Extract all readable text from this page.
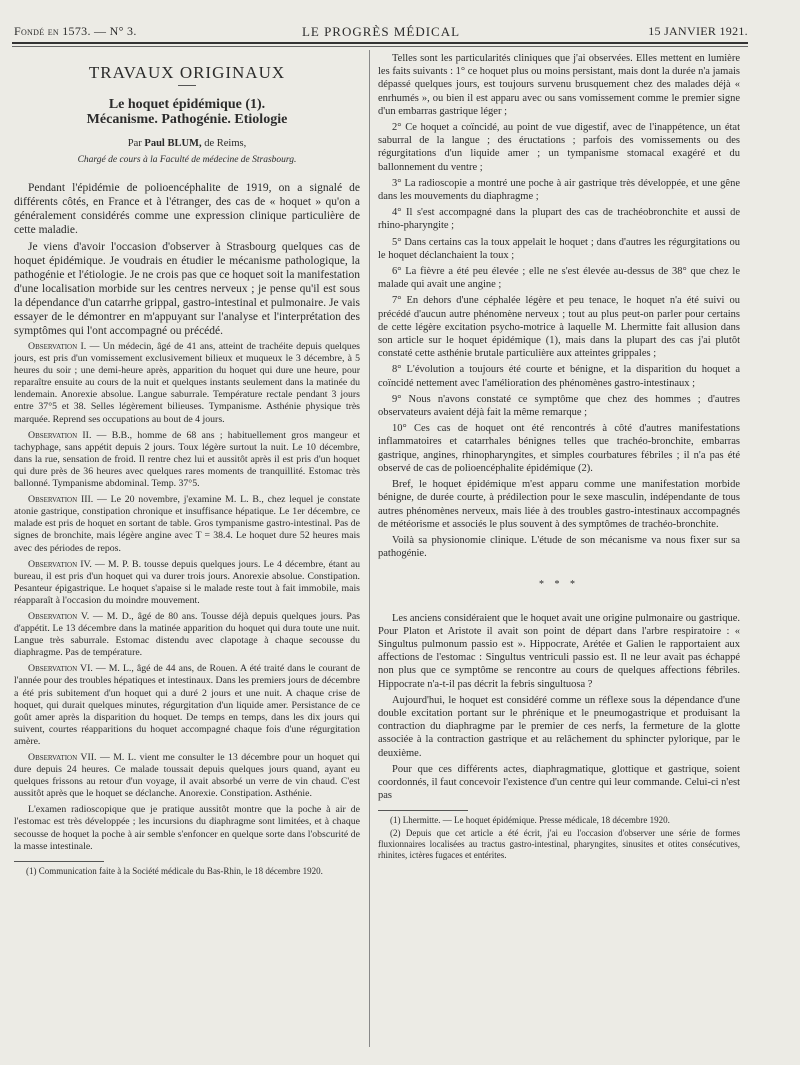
Fondé en 1573. — N° 3.	LE PROGRÈS MÉDICAL	15 JANVIER 1921.
TRAVAUX ORIGINAUX
Le hoquet épidémique (1).
Mécanisme. Pathogénie. Etiologie
Par Paul BLUM, de Reims,
Chargé de cours à la Faculté de médecine de Strasbourg.

Pendant l'épidémie de polioencéphalite de 1919, on a signalé de différents côtés, en France et à l'étranger, des cas de « hoquet » qu'on a généralement considérés comme une expression clinique particulière de cette maladie.

Je viens d'avoir l'occasion d'observer à Strasbourg quelques cas de hoquet épidémique. Je voudrais en étudier le mécanisme pathologique, la pathogénie et l'étiologie. Je ne crois pas que ce hoquet soit la manifestation d'une localisation morbide sur les centres nerveux ; je pense qu'il est sous la dépendance d'un catarrhe grippal, gastro-intestinal et pulmonaire. Je vais essayer de le démontrer en m'appuyant sur l'analyse et l'interprétation des symptômes qui l'ont accompagné ou précédé.

Observation I. — Un médecin, âgé de 41 ans, atteint de trachéite depuis quelques jours, est pris d'un vomissement exclusivement bilieux et muqueux le 3 décembre, à 5 heures du soir ; une demi-heure après, apparition du hoquet qui dure une heure, pour reparaître ensuite au cours de la nuit et quelques instants seulement dans la matinée du lendemain. Anorexie absolue. Langue saburrale. Température rectale pendant 3 jours entre 37°5 et 38. Selles légèrement bilieuses. Tympanisme. Asthénie physique très marquée. Reprend ses occupations au bout de 4 jours.

Observation II. — B.B., homme de 68 ans ; habituellement gros mangeur et tachyphage, sans appétit depuis 2 jours. Toux légère surtout la nuit. Le 10 décembre, dans la rue, sensation de froid. Il rentre chez lui et aussitôt après il est pris d'un hoquet qui dure près de 36 heures avec quelques rares moments de tranquillité. Estomac très ballonné. Tympanisme abdominal. Temp. 37°5.

Observation III. — Le 20 novembre, j'examine M. L. B., chez lequel je constate atonie gastrique, constipation chronique et insuffisance hépatique. Le 1er décembre, ce malade est pris de hoquet en sortant de table. Gros tympanisme gastro-intestinal. Pas de signes de bronchite, mais légère angine avec T = 38.4. Le hoquet dure 52 heures mais avec des périodes de repos.

Observation IV. — M. P. B. tousse depuis quelques jours. Le 4 décembre, étant au bureau, il est pris d'un hoquet qui va durer trois jours. Anorexie absolue. Constipation. Pesanteur épigastrique. Le hoquet s'apaise si le malade reste tout à fait immobile, mais réapparaît à l'occasion du moindre mouvement.

Observation V. — M. D., âgé de 80 ans. Tousse déjà depuis quelques jours. Pas d'appétit. Le 13 décembre dans la matinée apparition du hoquet qui dura toute une nuit. Langue très saburrale. Estomac distendu avec clapotage à chaque secousse du diaphragme. Pas de température.

Observation VI. — M. L., âgé de 44 ans, de Rouen. A été traité dans le courant de l'année pour des troubles hépatiques et intestinaux. Dans les premiers jours de décembre a été pris subitement d'un hoquet qui a duré 2 jours et une nuit. A chaque crise de hoquet, qui durait quelques minutes, régurgitation d'un liquide amer. Persistance de ce goût amer après la disparition du hoquet. De temps en temps, dans les dix jours qui suivent, courtes réapparitions du hoquet accompagné chaque fois d'une régurgitation amère.

Observation VII. — M. L. vient me consulter le 13 décembre pour un hoquet qui dure depuis 24 heures. Ce malade toussait depuis quelques jours quand, ayant eu quelques frissons au retour d'un voyage, il avait absorbé un verre de vin chaud. C'est aussitôt après que le hoquet se déclanche. Anorexie. Constipation. Asthénie.

L'examen radioscopique que je pratique aussitôt montre que la poche à air de l'estomac est très développée ; les incursions du diaphragme sont limitées, et à chaque secousse de hoquet la poche à air semble s'enfoncer en quelque sorte dans l'obscurité de la masse intestinale.

(1) Communication faite à la Société médicale du Bas-Rhin, le 18 décembre 1920.

Telles sont les particularités cliniques que j'ai observées. Elles mettent en lumière les faits suivants : 1° ce hoquet plus ou moins persistant, mais dont la durée n'a jamais dépassé quelques jours, est toujours survenu brusquement chez des malades déjà « enrhumés », ou bien il est apparu avec ou sans vomissement comme le premier signe d'un embarras gastrique léger ;

2° Ce hoquet a coïncidé, au point de vue digestif, avec de l'inappétence, un état saburral de la langue ; des éructations ; parfois des vomissements ou des régurgitations d'un liquide amer ; un tympanisme stomacal exagéré et du ballonnement du ventre ;

3° La radioscopie a montré une poche à air gastrique très développée, et une gêne dans les mouvements du diaphragme ;

4° Il s'est accompagné dans la plupart des cas de trachéobronchite et aussi de rhino-pharyngite ;

5° Dans certains cas la toux appelait le hoquet ; dans d'autres les régurgitations ou le hoquet déclanchaient la toux ;

6° La fièvre a été peu élevée ; elle ne s'est élevée au-dessus de 38° que chez le malade qui avait une angine ;

7° En dehors d'une céphalée légère et peu tenace, le hoquet n'a été suivi ou précédé d'aucun autre phénomène nerveux ; tout au plus peut-on parler pour certains de cette légère excitation psycho-motrice à laquelle M. Lhermitte fait allusion dans son article sur le hoquet épidémique (1), mais dans la plupart des cas j'ai plutôt constaté cette asthénie brutale particulière aux atteintes grippales ;

8° L'évolution a toujours été courte et bénigne, et la disparition du hoquet a coïncidé nettement avec l'amélioration des phénomènes gastro-intestinaux ;

9° Nous n'avons constaté ce symptôme que chez des hommes ; d'autres observateurs avaient déjà fait la même remarque ;

10° Ces cas de hoquet ont été rencontrés à côté d'autres manifestations inflammatoires et catarrhales bénignes telles que trachéo-bronchite, embarras gastrique, angines, rhinopharyngites, et simples courbatures fébriles ; il n'a pas été observé de cas de polioencéphalite épidémique (2).

Bref, le hoquet épidémique m'est apparu comme une manifestation morbide bénigne, de durée courte, à prédilection pour le sexe masculin, indépendante de tous autres phénomènes nerveux, mais liée à des troubles gastro-intestinaux accompagnés de météorisme et associés le plus souvent à des symptômes de trachéo-bronchite.

Voilà sa physionomie clinique. L'étude de son mécanisme va nous fixer sur sa pathogénie.

* * *

Les anciens considéraient que le hoquet avait une origine pulmonaire ou gastrique. Pour Platon et Aristote il avait son point de départ dans l'arbre respiratoire : « Singultus pulmonum passio est ». Hippocrate, Arétée et Galien le rapportaient aux affections de l'estomac : Singultus ventriculi passio est. Il ne leur avait pas échappé non plus que ce symptôme se rencontre au cours de quelques affections fébriles. Hippocrate n'a-t-il pas décrit la febris singultuosa ?

Aujourd'hui, le hoquet est considéré comme un réflexe sous la dépendance d'une double excitation portant sur le phrénique et le pneumogastrique et produisant la contraction du diaphragme par le premier de ces nerfs, la fermeture de la glotte associée à la contraction gastrique et au relâchement du sphincter pylorique, par le deuxième.

Pour que ces différents actes, diaphragmatique, glottique et gastrique, soient coordonnés, il faut concevoir l'existence d'un centre qui leur commande. Celui-ci n'est pas

(1) Lhermitte. — Le hoquet épidémique. Presse médicale, 18 décembre 1920.

(2) Depuis que cet article a été écrit, j'ai eu l'occasion d'observer une série de formes fluxionnaires localisées au tractus gastro-intestinal, pharyngites, sinusites et otites consécutives, rhinites, ictères fugaces et entérites.
